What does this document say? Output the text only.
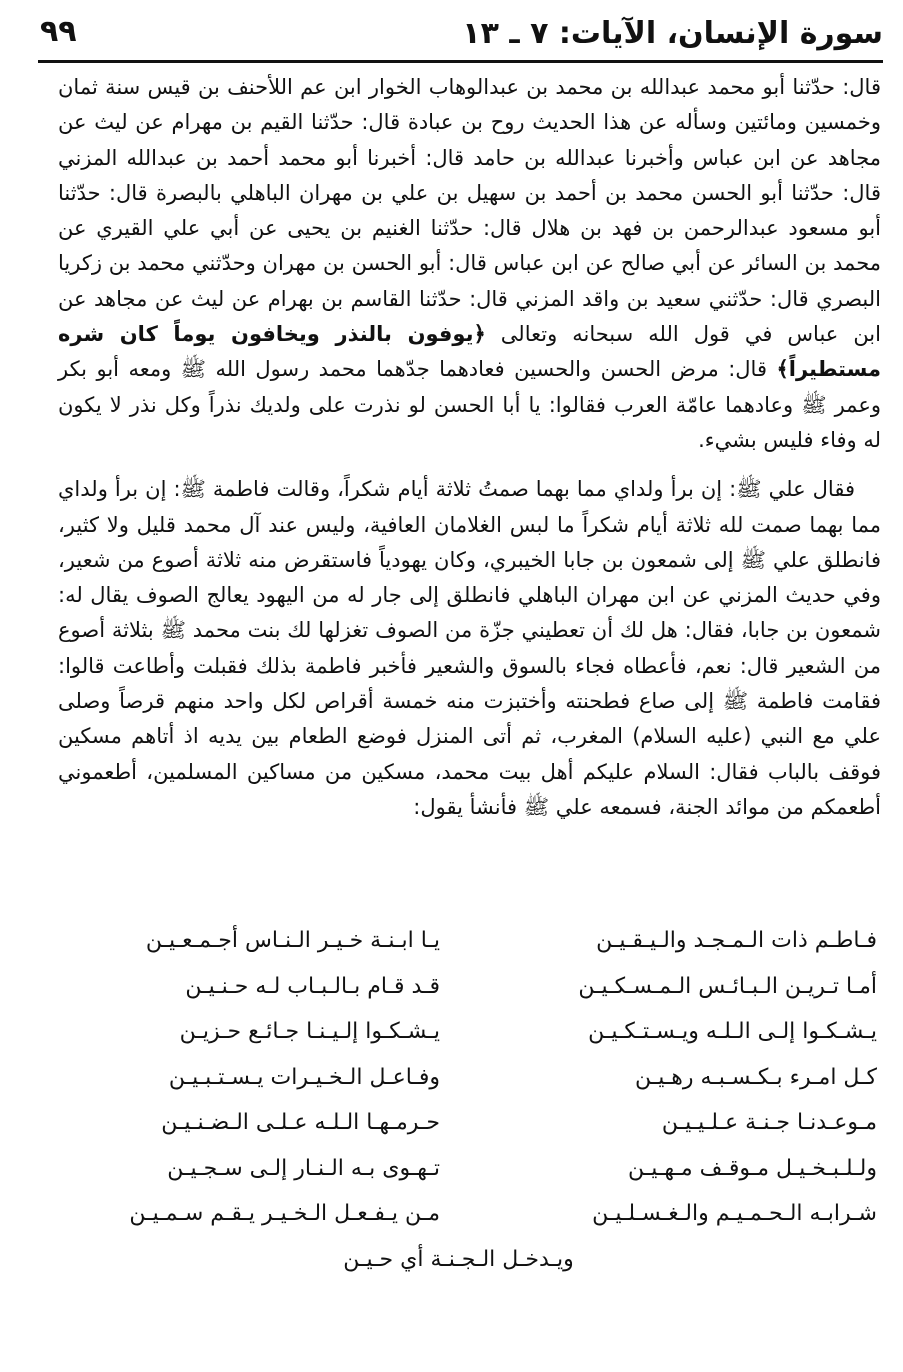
سورة الإنسان، الآيات: ٧ ـ ١٣
٩٩

قال: حدّثنا أبو محمد عبدالله بن محمد بن عبدالوهاب الخوار ابن عم اللأحنف بن قيس سنة ثمان وخمسين ومائتين وسأله عن هذا الحديث روح بن عبادة قال: حدّثنا القيم بن مهرام عن ليث عن مجاهد عن ابن عباس وأخبرنا عبدالله بن حامد قال: أخبرنا أبو محمد أحمد بن عبدالله المزني قال: حدّثنا أبو الحسن محمد بن أحمد بن سهيل بن علي بن مهران الباهلي بالبصرة قال: حدّثنا أبو مسعود عبدالرحمن بن فهد بن هلال قال: حدّثنا الغنيم بن يحيى عن أبي علي القيري عن محمد بن السائر عن أبي صالح عن ابن عباس قال: أبو الحسن بن مهران وحدّثني محمد بن زكريا البصري قال: حدّثني سعيد بن واقد المزني قال: حدّثنا القاسم بن بهرام عن ليث عن مجاهد عن ابن عباس في قول الله سبحانه وتعالى ﴿يوفون بالنذر ويخافون يوماً كان شره مستطيراً﴾ قال: مرض الحسن والحسين فعادهما جدّهما محمد رسول الله ﷺ ومعه أبو بكر وعمر ﷺ وعادهما عامّة العرب فقالوا: يا أبا الحسن لو نذرت على ولديك نذراً وكل نذر لا يكون له وفاء فليس بشيء.

فقال علي ﷺ: إن برأ ولداي مما بهما صمتُ ثلاثة أيام شكراً، وقالت فاطمة ﷺ: إن برأ ولداي مما بهما صمت لله ثلاثة أيام شكراً ما لبس الغلامان العافية، وليس عند آل محمد قليل ولا كثير، فانطلق علي ﷺ إلى شمعون بن جابا الخيبري، وكان يهودياً فاستقرض منه ثلاثة أصوع من شعير، وفي حديث المزني عن ابن مهران الباهلي فانطلق إلى جار له من اليهود يعالج الصوف يقال له: شمعون بن جابا، فقال: هل لك أن تعطيني جزّة من الصوف تغزلها لك بنت محمد ﷺ بثلاثة أصوع من الشعير قال: نعم، فأعطاه فجاء بالسوق والشعير فأخبر فاطمة بذلك فقبلت وأطاعت قالوا: فقامت فاطمة ﷺ إلى صاع فطحنته وأختبزت منه خمسة أقراص لكل واحد منهم قرصاً وصلى علي مع النبي (عليه السلام) المغرب، ثم أتى المنزل فوضع الطعام بين يديه اذ أتاهم مسكين فوقف بالباب فقال: السلام عليكم أهل بيت محمد، مسكين من مساكين المسلمين، أطعموني أطعمكم من موائد الجنة، فسمعه علي ﷺ فأنشأ يقول:

فـاطـم ذات الـمـجـد والـيـقـيـن
يـا ابـنـة خـيـر الـنـاس أجـمـعـيـن
أمـا تـريـن الـبـائـس الـمـسـكـيـن
قـد قـام بـالـبـاب لـه حـنـيـن
يـشـكـوا إلـى الـلـه ويـسـتـكـيـن
يـشـكـوا إلـيـنـا جـائـع حـزيـن
كـل امـرء بـكـسـبـه رهـيـن
وفـاعـل الـخـيـرات يـسـتـبـيـن
مـوعـدنـا جـنـة عـلـيـيـن
حـرمـهـا الـلـه عـلـى الـضـنـيـن
ولـلـبـخـيـل مـوقـف مـهـيـن
تـهـوى بـه الـنـار إلـى سـجـيـن
شـرابـه الـحـمـيـم والـغـسـلـيـن
مـن يـفـعـل الـخـيـر يـقـم سـمـيـن
ويـدخـل الـجـنـة أي حـيـن
